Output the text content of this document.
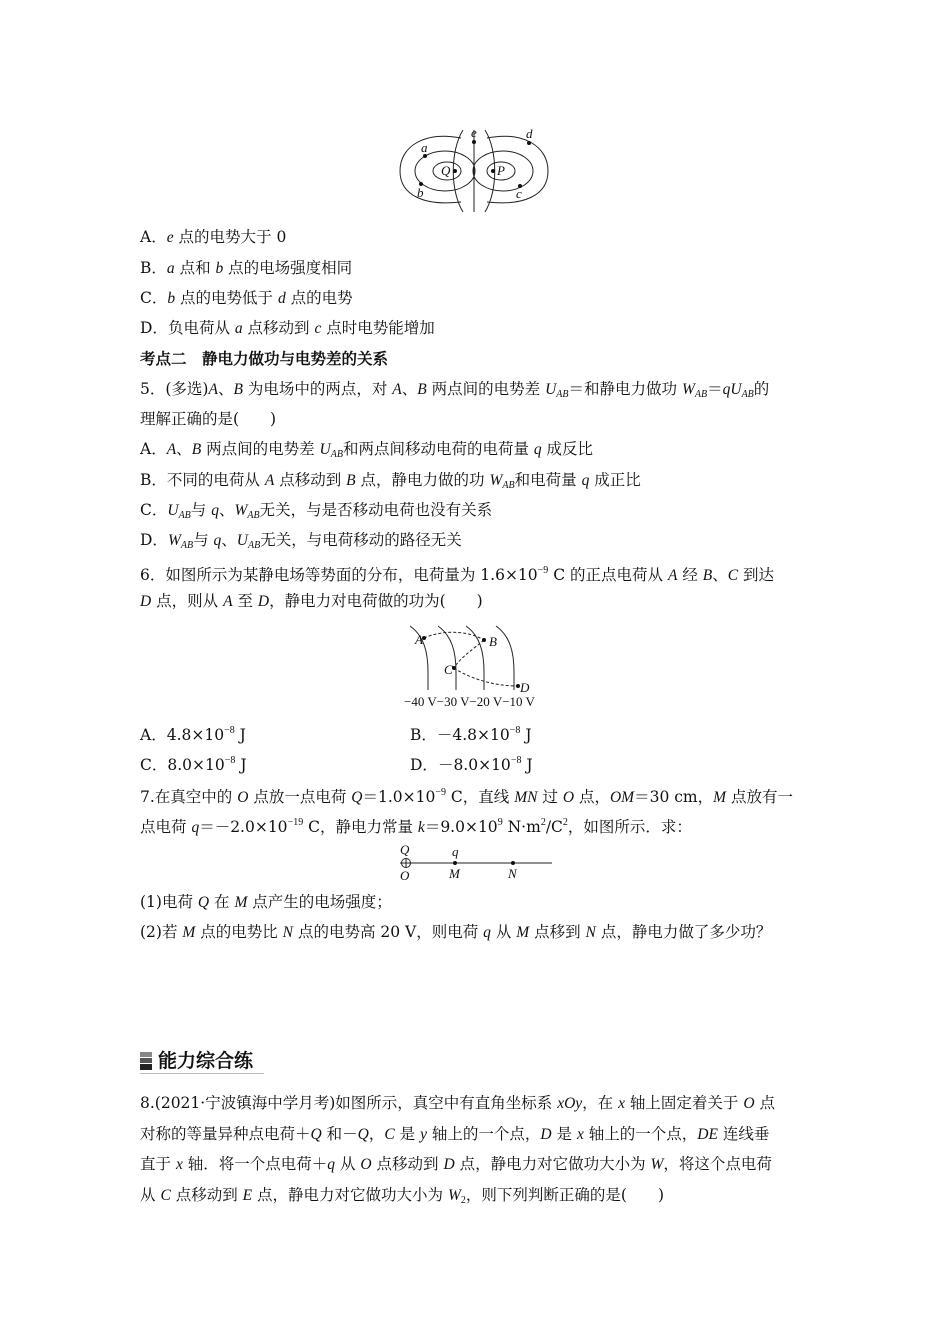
a
b
Q	P
e	d
c
A．e 点的电势大于 0
B．a 点和 b 点的电场强度相同
C．b 点的电势低于 d 点的电势
D．负电荷从 a 点移动到 c 点时电势能增加
考点二　静电力做功与电势差的关系
5．(多选)A、B 为电场中的两点，对 A、B 两点间的电势差 $U_{AB}=$和静电力做功 $W_{AB}=qU_{AB}$的
理解正确的是(　　)
A．A、B 两点间的电势差 $U_{AB}$和两点间移动电荷的电荷量 q 成反比
B．不同的电荷从 A 点移动到 B 点，静电力做的功 $W_{AB}$和电荷量 q 成正比
C．$U_{AB}$与 q、$W_{AB}$无关，与是否移动电荷也没有关系
D．$W_{AB}$与 q、$U_{AB}$无关，与电荷移动的路径无关
6．如图所示为某静电场等势面的分布，电荷量为 $1.6\times 10^{-9}$ C 的正点电荷从 A 经 B、C 到达
D 点，则从 A 至 D，静电力对电荷做的功为(　　)
A	B
C
D
−40 V−30 V−20 V−10 V
A．$4.8\times 10^{-8}$ J	B．$-4.8\times 10^{-8}$ J
C．$8.0\times 10^{-8}$ J	D．$-8.0\times 10^{-8}$ J
7.在真空中的 O 点放一点电荷 $Q=1.0\times 10^{-9}$ C，直线 MN 过 O 点，OM＝30 cm，M 点放有一
点电荷 $q=-2.0\times 10^{-19}$ C，静电力常量 $k=9.0\times 10^9$ $N\cdot m^2/C^2$，如图所示．求：
Q
O
q
M	N
(1)电荷 Q 在 M 点产生的电场强度；
(2)若 M 点的电势比 N 点的电势高 20 V，则电荷 q 从 M 点移到 N 点，静电力做了多少功？
能力综合练
8.(2021·宁波镇海中学月考)如图所示，真空中有直角坐标系 xOy，在 x 轴上固定着关于 O 点
对称的等量异种点电荷＋Q 和－Q，C 是 y 轴上的一个点，D 是 x 轴上的一个点，DE 连线垂
直于 x 轴．将一个点电荷＋q 从 O 点移动到 D 点，静电力对它做功大小为 W，将这个点电荷
从 C 点移动到 E 点，静电力对它做功大小为 $W_2$，则下列判断正确的是(　　)
